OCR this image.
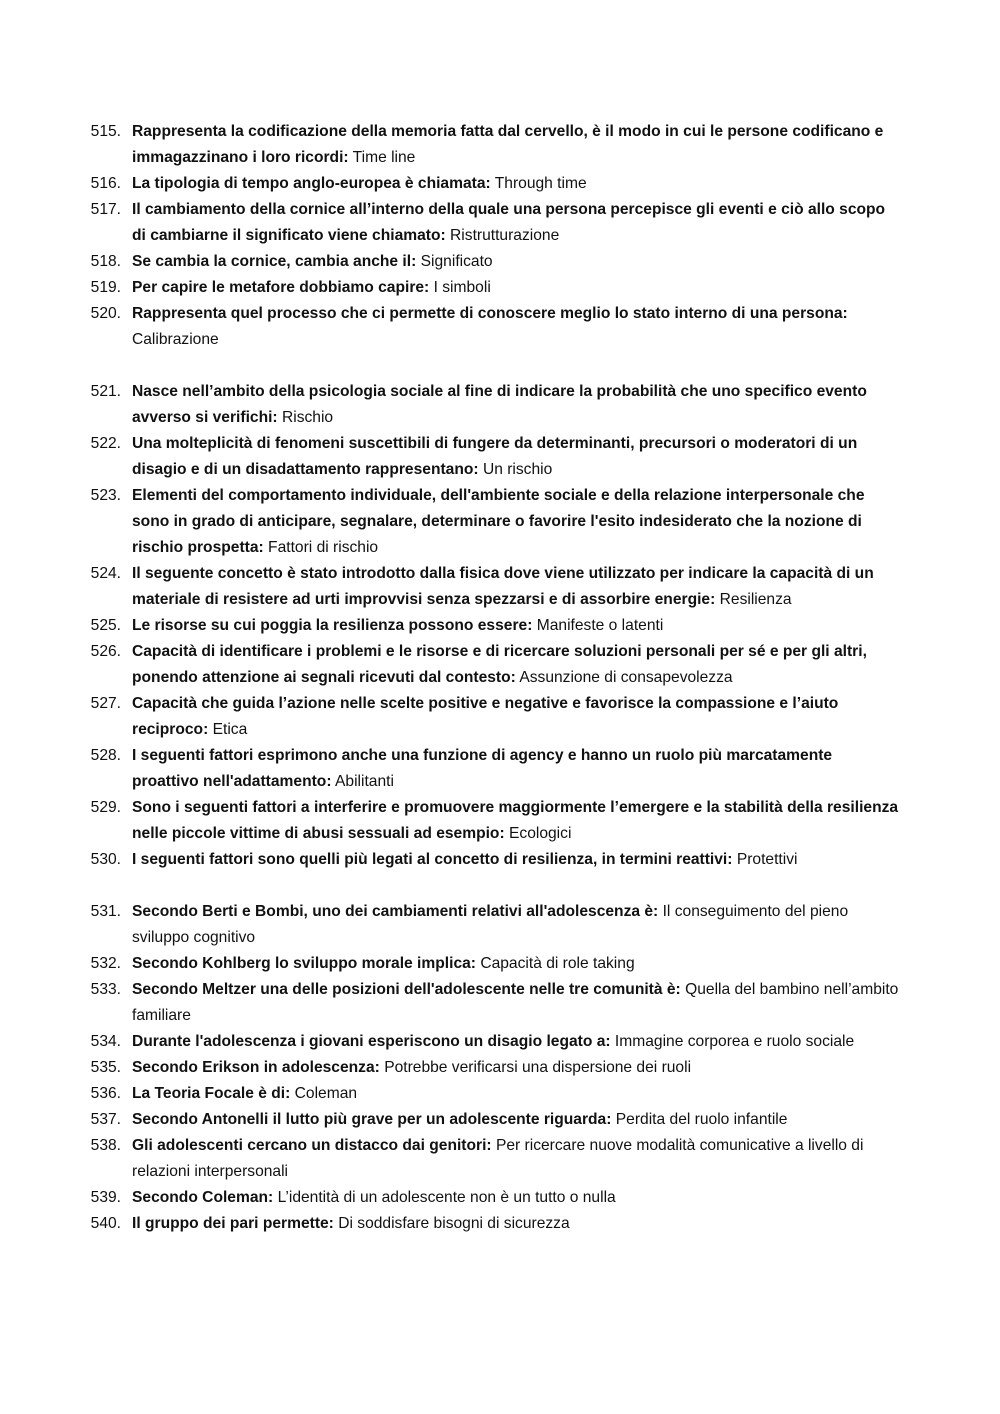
515. Rappresenta la codificazione della memoria fatta dal cervello, è il modo in cui le persone codificano e immagazzinano i loro ricordi: Time line
516. La tipologia di tempo anglo-europea è chiamata: Through time
517. Il cambiamento della cornice all’interno della quale una persona percepisce gli eventi e ciò allo scopo di cambiarne il significato viene chiamato: Ristrutturazione
518. Se cambia la cornice, cambia anche il: Significato
519. Per capire le metafore dobbiamo capire: I simboli
520. Rappresenta quel processo che ci permette di conoscere meglio lo stato interno di una persona: Calibrazione
521. Nasce nell’ambito della psicologia sociale al fine di indicare la probabilità che uno specifico evento avverso si verifichi: Rischio
522. Una molteplicità di fenomeni suscettibili di fungere da determinanti, precursori o moderatori di un disagio e di un disadattamento rappresentano: Un rischio
523. Elementi del comportamento individuale, dell'ambiente sociale e della relazione interpersonale che sono in grado di anticipare, segnalare, determinare o favorire l'esito indesiderato che la nozione di rischio prospetta: Fattori di rischio
524. Il seguente concetto è stato introdotto dalla fisica dove viene utilizzato per indicare la capacità di un materiale di resistere ad urti improvvisi senza spezzarsi e di assorbire energie: Resilienza
525. Le risorse su cui poggia la resilienza possono essere: Manifeste o latenti
526. Capacità di identificare i problemi e le risorse e di ricercare soluzioni personali per sé e per gli altri, ponendo attenzione ai segnali ricevuti dal contesto: Assunzione di consapevolezza
527. Capacità che guida l’azione nelle scelte positive e negative e favorisce la compassione e l’aiuto reciproco: Etica
528. I seguenti fattori esprimono anche una funzione di agency e hanno un ruolo più marcatamente proattivo nell'adattamento: Abilitanti
529. Sono i seguenti fattori a interferire e promuovere maggiormente l’emergere e la stabilità della resilienza nelle piccole vittime di abusi sessuali ad esempio: Ecologici
530. I seguenti fattori sono quelli più legati al concetto di resilienza, in termini reattivi: Protettivi
531. Secondo Berti e Bombi, uno dei cambiamenti relativi all'adolescenza è: Il conseguimento del pieno sviluppo cognitivo
532. Secondo Kohlberg lo sviluppo morale implica: Capacità di role taking
533. Secondo Meltzer una delle posizioni dell'adolescente nelle tre comunità è: Quella del bambino nell’ambito familiare
534. Durante l'adolescenza i giovani esperiscono un disagio legato a: Immagine corporea e ruolo sociale
535. Secondo Erikson in adolescenza: Potrebbe verificarsi una dispersione dei ruoli
536. La Teoria Focale è di: Coleman
537. Secondo Antonelli il lutto più grave per un adolescente riguarda: Perdita del ruolo infantile
538. Gli adolescenti cercano un distacco dai genitori: Per ricercare nuove modalità comunicative a livello di relazioni interpersonali
539. Secondo Coleman: L’identità di un adolescente non è un tutto o nulla
540. Il gruppo dei pari permette: Di soddisfare bisogni di sicurezza
